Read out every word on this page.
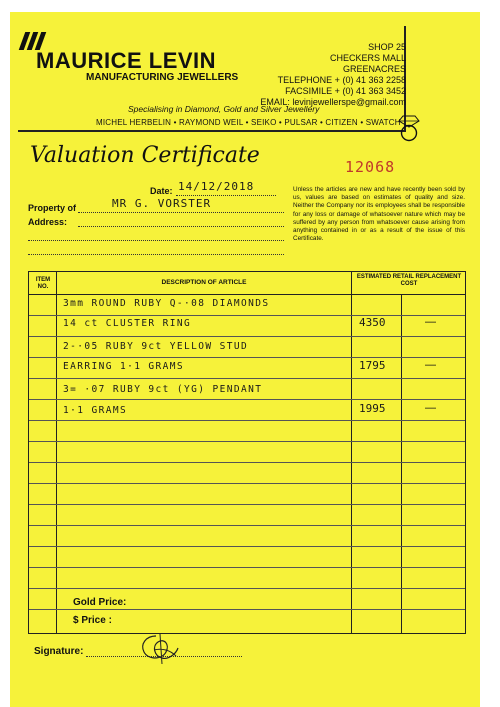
MAURICE LEVIN
MANUFACTURING JEWELLERS
SHOP 25
CHECKERS MALL
GREENACRES
TELEPHONE + (0) 41 363 2258
FACSIMILE + (0) 41 363 3452
EMAIL: levinjewellerspe@gmail.com
Specialising in Diamond, Gold and Silver Jewellery
MICHEL HERBELIN • RAYMOND WEIL • SEIKO • PULSAR • CITIZEN • SWATCH
Valuation Certificate	12068
Date: 14/12/2018
Property of	MR G. VORSTER
Address:
Unless the articles are new and have recently been sold by us, values are based on estimates of quality and size. Neither the Company nor its employees shall be responsible for any loss or damage of whatsoever nature which may be suffered by any person from whatsoever cause arising from anything contained in or as a result of the issue of this Certificate.
ITEM NO.
DESCRIPTION OF ARTICLE
ESTIMATED RETAIL REPLACEMENT COST
3mm ROUND RUBY Q-·08 DIAMONDS
14 ct CLUSTER RING	4350	—
2-·05 RUBY 9ct YELLOW STUD
EARRING 1·1 GRAMS	1795	—
3= ·07 RUBY 9ct (YG) PENDANT
1·1 GRAMS	1995	—
Gold Price:
$ Price :
Signature:
